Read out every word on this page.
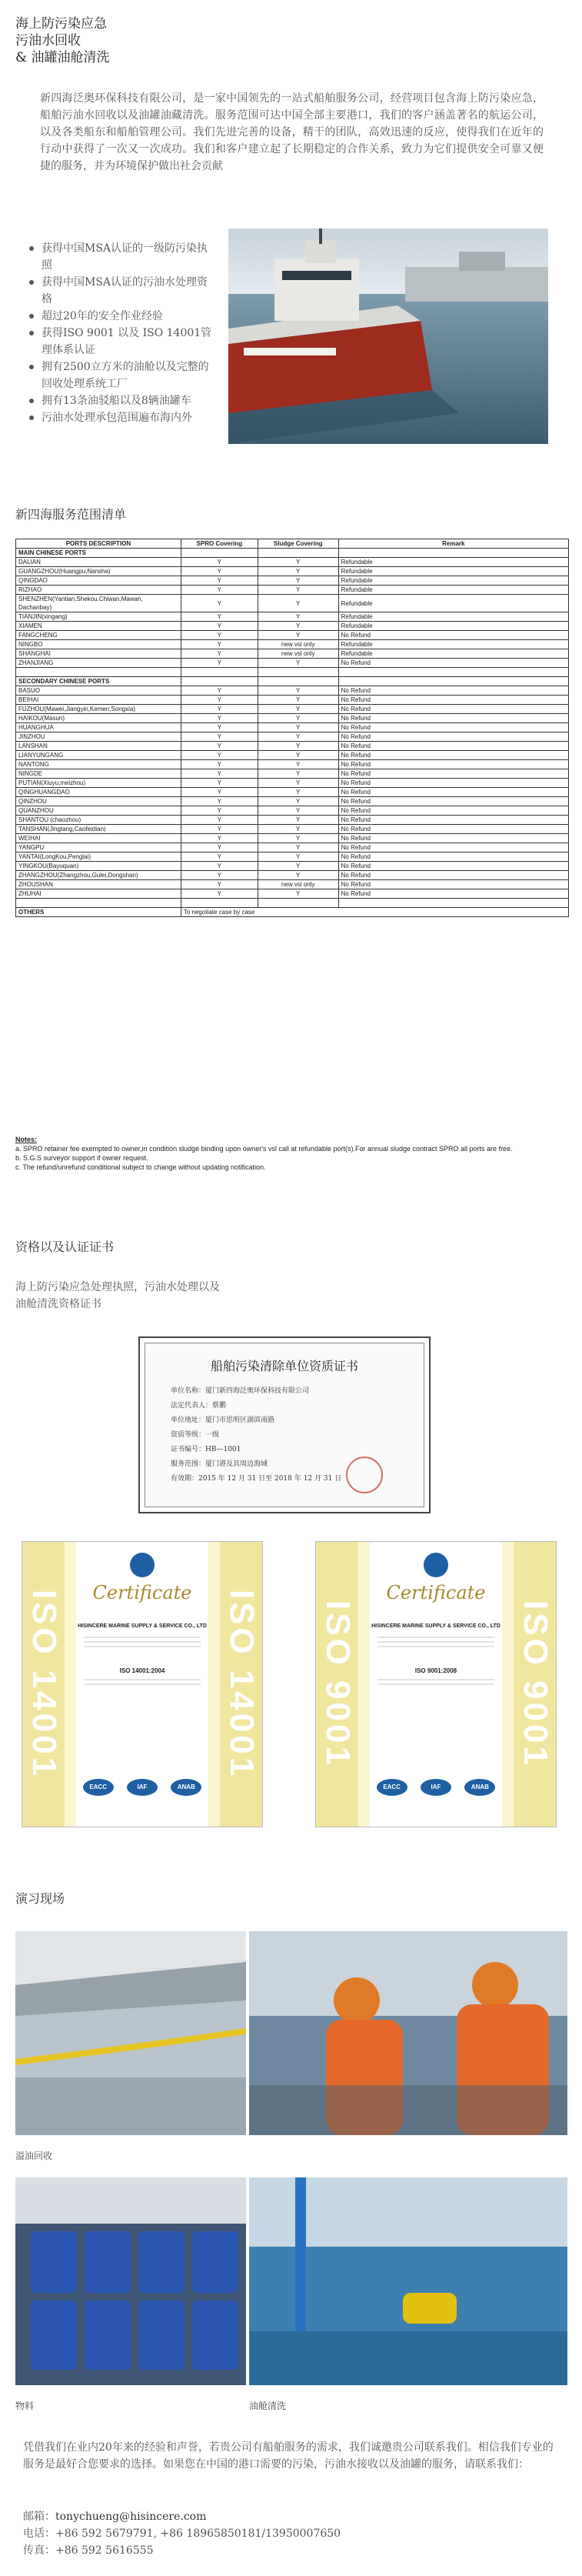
海上防污染应急
污油水回收
& 油罐油舱清洗
新四海泛奥环保科技有限公司，是一家中国领先的一站式船舶服务公司，经营项目包含海上防污染应急，船舶污油水回收以及油罐油藏清洗。服务范围可达中国全部主要港口，我们的客户涵盖著名的航运公司，以及各类船东和船舶管理公司。我们先进完善的设备，精干的团队，高效迅速的反应，使得我们在近年的行动中获得了一次又一次成功。我们和客户建立起了长期稳定的合作关系，致力为它们提供安全可靠又便捷的服务，并为环境保护做出社会贡献
获得中国MSA认证的一级防污染执照
获得中国MSA认证的污油水处理资格
超过20年的安全作业经验
获得ISO 9001 以及 ISO 14001管理体系认证
拥有2500立方米的油舱以及完整的回收处理系统工厂
拥有13条油驳船以及8辆油罐车
污油水处理承包范围遍布海内外
新四海服务范围清单
PORTS DESCRIPTION	SPRO Covering	Sludge Covering	Remark
MAIN CHINESE PORTS			
DALIAN	Y	Y	Refundable
GUANGZHOU(Huangpu,Nansha)	Y	Y	Refundable
QINGDAO	Y	Y	Refundable
RIZHAO	Y	Y	Refundable
SHENZHEN(Yantian,Shekou,Chiwan,Mawan,
Dachanbay)	Y	Y	Refundable
TIANJIN(xingang)	Y	Y	Refundable
XIAMEN	Y	Y	Refundable
FANGCHENG	Y	Y	No Refund
NINGBO	Y	new vsl only	Refundable
SHANGHAI	Y	new vsl only	Refundable
ZHANJIANG	Y	Y	No Refund

SECONDARY CHINESE PORTS			
BASUO	Y	Y	No Refund
BEIHAI	Y	Y	No Refund
FUZHOU(Mawei,Jiangyin,Kemen,Songxia)	Y	Y	No Refund
HAIKOU(Masun)	Y	Y	No Refund
HUANGHUA	Y	Y	No Refund
JINZHOU	Y	Y	No Refund
LANSHAN	Y	Y	No Refund
LIANYUNGANG	Y	Y	No Refund
NANTONG	Y	Y	No Refund
NINGDE	Y	Y	No Refund
PUTIAN(Xiuyu,meizhou)	Y	Y	No Refund
QINGHUANGDAO	Y	Y	No Refund
QINZHOU	Y	Y	No Refund
QUANZHOU	Y	Y	No Refund
SHANTOU (chaozhou)	Y	Y	No Refund
TANSHAN(Jingtang,Caofeidian)	Y	Y	No Refund
WEIHAI	Y	Y	No Refund
YANGPU	Y	Y	No Refund
YANTAI(LongKou,Penglai)	Y	Y	No Refund
YINGKOU(Bayuquan)	Y	Y	No Refund
ZHANGZHOU(Zhangzhou,Gulei,Dongshan)	Y	Y	No Refund
ZHOUSHAN	Y	new vsl only	No Refund
ZHUHAI	Y	Y	No Refund

OTHERS	To negotiate case by case		
Notes:
a. SPRO retainer fee exempted to owner,in condition sludge binding upon owner's vsl call at refundable port(s).For annual sludge contract SPRO all ports are free.
b. S.G.S surveyor support if owner request.
c. The refund/unrefund conditional subject to change without updating notification.
资格以及认证证书
海上防污染应急处理执照，污油水处理以及
油舱清洗资格证书
船舶污染清除单位资质证书
单位名称：厦门新四海泛奥环保科技有限公司
法定代表人：蔡鹏
单位地址：厦门市思明区湖滨南路
资质等级：一级
证书编号：HB—1001
服务范围：厦门港及其周边海域
有效期：2015 年 12 月 31 日至 2018 年 12 月 31 日
ISO 14001	ISO 14001
Certificate
HISINCERE MARINE SUPPLY & SERVICE CO., LTD
ISO 14001:2004
EACC	IAF	ANAB
ISO 9001	ISO 9001
Certificate
HISINCERE MARINE SUPPLY & SERVICE CO., LTD
ISO 9001:2008
EACC	IAF	ANAB
演习现场
溢油回收
物料	油舱清洗
凭借我们在业内20年来的经验和声誉，若贵公司有船舶服务的需求，我们诚邀贵公司联系我们。相信我们专业的服务是最好合您要求的选择。如果您在中国的港口需要的污染，污油水接收以及油罐的服务，请联系我们：
邮箱：tonychueng@hisincere.com
电话：+86 592 5679791, +86 18965850181/13950007650
传真：+86 592 5616555
